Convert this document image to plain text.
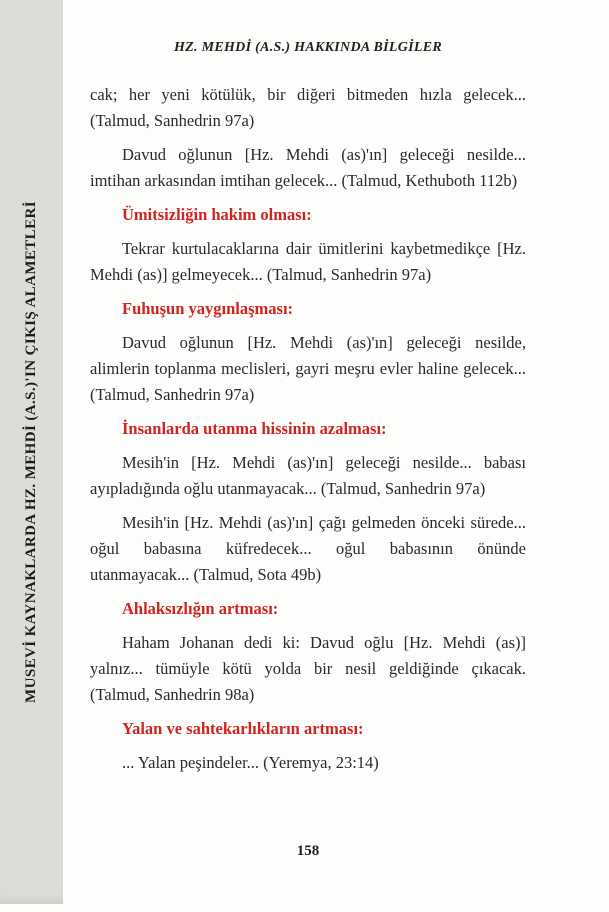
MUSEVİ KAYNAKLARDA HZ. MEHDİ (A.S.)'IN ÇIKIŞ ALAMETLERİ
HZ. MEHDİ (A.S.) HAKKINDA BİLGİLER

cak; her yeni kötülük, bir diğeri bitmeden hızla gelecek... (Talmud, Sanhedrin 97a)

Davud oğlunun [Hz. Mehdi (as)'ın] geleceği nesilde... imtihan arkasından imtihan gelecek... (Talmud, Kethuboth 112b)

Ümitsizliğin hakim olması:

Tekrar kurtulacaklarına dair ümitlerini kaybetmedikçe [Hz. Mehdi (as)] gelmeyecek... (Talmud, Sanhedrin 97a)

Fuhuşun yaygınlaşması:

Davud oğlunun [Hz. Mehdi (as)'ın] geleceği nesilde, alimlerin toplanma meclisleri, gayri meşru evler haline gelecek... (Talmud, Sanhedrin 97a)

İnsanlarda utanma hissinin azalması:

Mesih'in [Hz. Mehdi (as)'ın] geleceği nesilde... babası ayıpladığında oğlu utanmayacak... (Talmud, Sanhedrin 97a)

Mesih'in [Hz. Mehdi (as)'ın] çağı gelmeden önceki sürede... oğul babasına küfredecek... oğul babasının önünde utanmayacak... (Talmud, Sota 49b)

Ahlaksızlığın artması:

Haham Johanan dedi ki: Davud oğlu [Hz. Mehdi (as)] yalnız... tümüyle kötü yolda bir nesil geldiğinde çıkacak. (Talmud, Sanhedrin 98a)

Yalan ve sahtekarlıkların artması:

... Yalan peşindeler... (Yeremya, 23:14)

158
